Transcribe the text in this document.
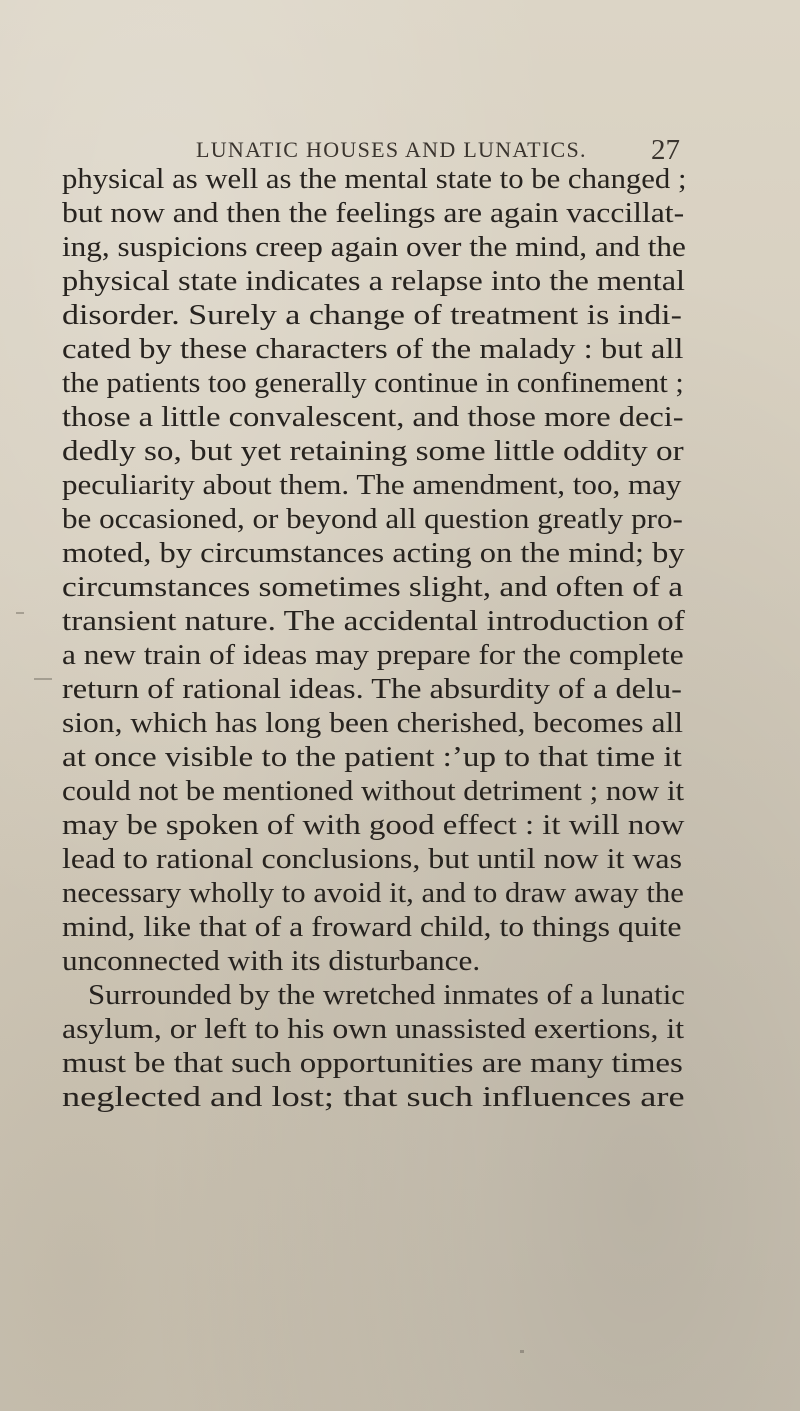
LUNATIC HOUSES AND LUNATICS. 27
physical as well as the mental state to be changed ;
but now and then the feelings are again vaccillat-
ing, suspicions creep again over the mind, and the
physical state indicates a relapse into the mental
disorder. Surely a change of treatment is indi-
cated by these characters of the malady : but all
the patients too generally continue in confinement ;
those a little convalescent, and those more deci-
dedly so, but yet retaining some little oddity or
peculiarity about them. The amendment, too, may
be occasioned, or beyond all question greatly pro-
moted, by circumstances acting on the mind; by
circumstances sometimes slight, and often of a
transient nature. The accidental introduction of
a new train of ideas may prepare for the complete
return of rational ideas. The absurdity of a delu-
sion, which has long been cherished, becomes all
at once visible to the patient :’up to that time it
could not be mentioned without detriment ; now it
may be spoken of with good effect : it will now
lead to rational conclusions, but until now it was
necessary wholly to avoid it, and to draw away the
mind, like that of a froward child, to things quite
unconnected with its disturbance.
Surrounded by the wretched inmates of a lunatic
asylum, or left to his own unassisted exertions, it
must be that such opportunities are many times
neglected and lost; that such influences are
